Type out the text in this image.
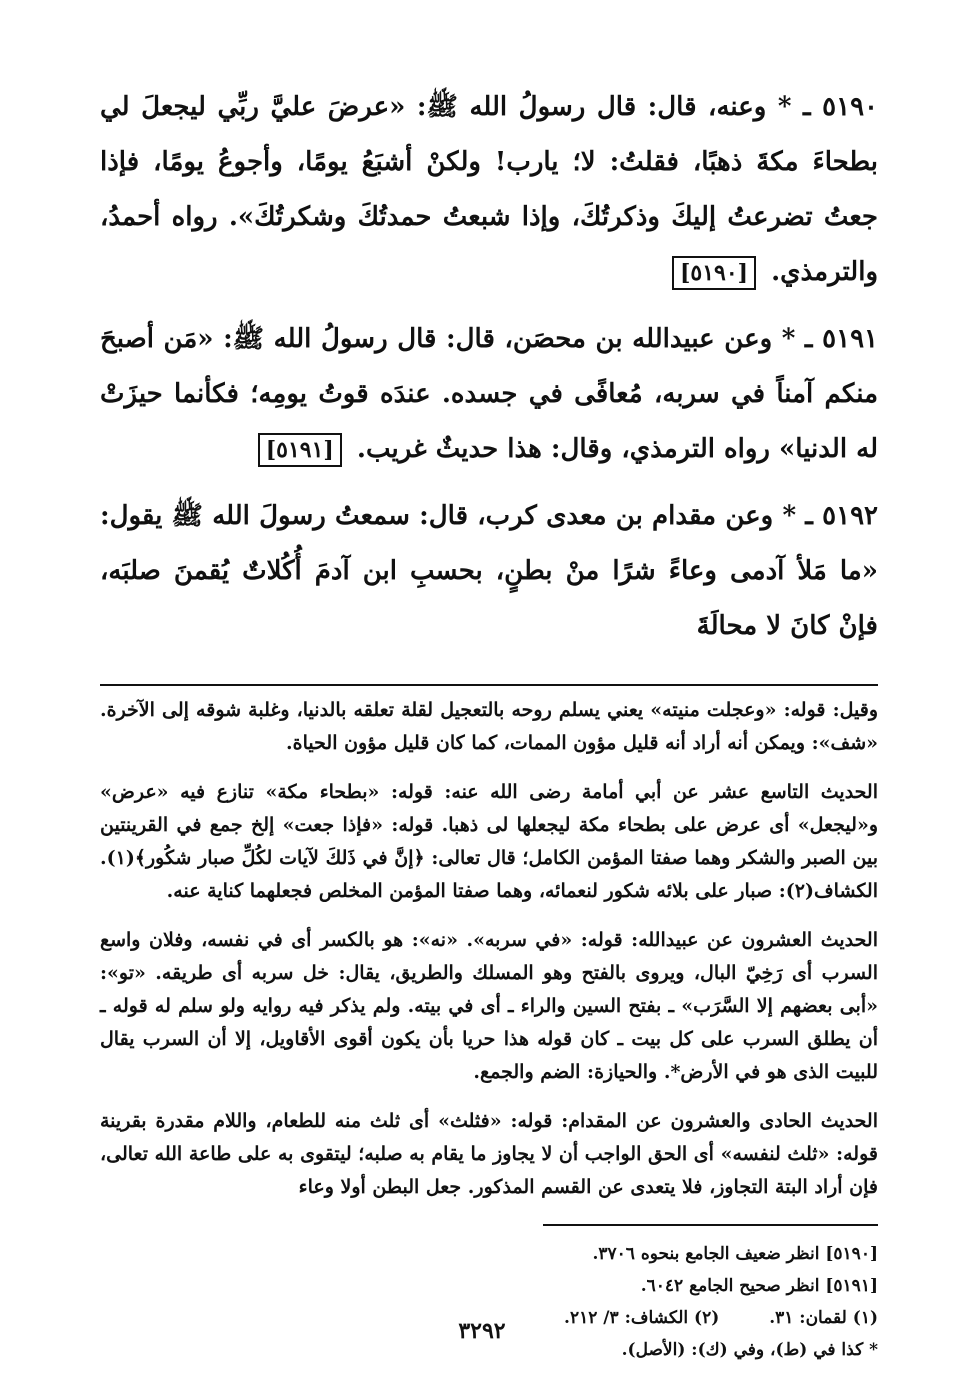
٥١٩٠ ـ * وعنه، قال: قال رسولُ الله ﷺ: «عرضَ عليَّ ربِّي ليجعلَ لي بطحاءَ مكةَ ذهبًا، فقلتُ: لا؛ يارب! ولكنْ أشبَعُ يومًا، وأجوعُ يومًا، فإذا جعتُ تضرعتُ إليكَ وذكرتُكَ، وإذا شبعتُ حمدتُكَ وشكرتُكَ». رواه أحمدُ، والترمذي. [٥١٩٠]

٥١٩١ ـ * وعن عبيدالله بن محصَن، قال: قال رسولُ الله ﷺ: «مَن أصبحَ منكم آمناً في سربه، مُعافًى في جسده. عندَه قوتُ يومِه؛ فكأنما حيزَتْ له الدنيا» رواه الترمذي، وقال: هذا حديثٌ غريب. [٥١٩١]

٥١٩٢ ـ * وعن مقدام بن معدى كرب، قال: سمعتُ رسولَ الله ﷺ يقول: «ما مَلأ آدمى وعاءً شرًا منْ بطنٍ، بحسبِ ابن آدمَ أُكُلاتٌ يُقمنَ صلبَه، فإنْ كانَ لا محالَةَ

وقيل: قوله: «وعجلت منيته» يعني يسلم روحه بالتعجيل لقلة تعلقه بالدنيا، وغلبة شوقه إلى الآخرة. «شف»: ويمكن أنه أراد أنه قليل مؤون الممات، كما كان قليل مؤون الحياة.

الحديث التاسع عشر عن أبي أمامة رضى الله عنه: قوله: «بطحاء مكة» تنازع فيه «عرض» و«ليجعل» أى عرض على بطحاء مكة ليجعلها لى ذهبا. قوله: «فإذا جعت» إلخ جمع في القرينتين بين الصبر والشكر وهما صفتا المؤمن الكامل؛ قال تعالى: ﴿إنَّ في ذَلكَ لآيات لكُلِّ صبار شكُور﴾(١). الكشاف(٢): صبار على بلائه شكور لنعمائه، وهما صفتا المؤمن المخلص فجعلهما كناية عنه.

الحديث العشرون عن عبيدالله: قوله: «في سربه». «نه»: هو بالكسر أى في نفسه، وفلان واسع السرب أى رَخِيّ البال، ويروى بالفتح وهو المسلك والطريق، يقال: خل سربه أى طريقه. «تو»: «أبى بعضهم إلا السَّرَب» ـ بفتح السين والراء ـ أى في بيته. ولم يذكر فيه روايه ولو سلم له قوله ـ أن يطلق السرب على كل بيت ـ كان قوله هذا حريا بأن يكون أقوى الأقاويل، إلا أن السرب يقال للبيت الذى هو في الأرض*. والحيازة: الضم والجمع.

الحديث الحادى والعشرون عن المقدام: قوله: «فثلث» أى ثلث منه للطعام، واللام مقدرة بقرينة قوله: «ثلث لنفسه» أى الحق الواجب أن لا يجاوز ما يقام به صلبه؛ ليتقوى به على طاعة الله تعالى، فإن أراد البتة التجاوز، فلا يتعدى عن القسم المذكور. جعل البطن أولا وعاء

[٥١٩٠] انظر ضعيف الجامع بنحوه ٣٧٠٦.
[٥١٩١] انظر صحيح الجامع ٦٠٤٢.
(١) لقمان: ٣١. (٢) الكشاف: ٣/ ٢١٢.
* كذا في (ط)، وفي (ك): (الأصل).
٣٢٩٢
